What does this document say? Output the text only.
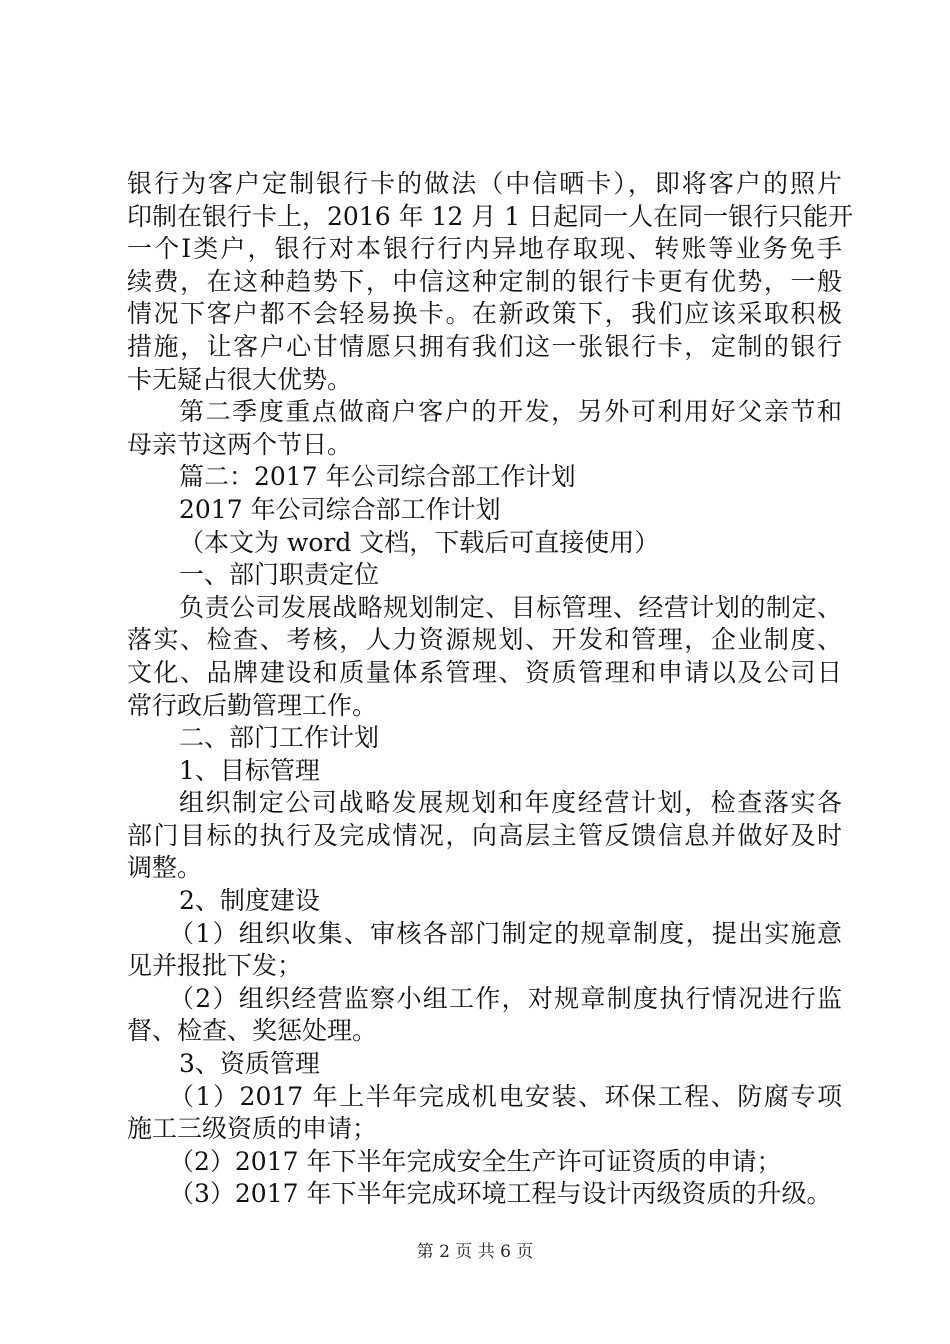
银行为客户定制银行卡的做法（中信晒卡），即将客户的照片
印制在银行卡上，2016 年 12 月 1 日起同一人在同一银行只能开
一个Ⅰ类户，银行对本银行行内异地存取现、转账等业务免手
续费，在这种趋势下，中信这种定制的银行卡更有优势，一般
情况下客户都不会轻易换卡。在新政策下，我们应该采取积极
措施，让客户心甘情愿只拥有我们这一张银行卡，定制的银行
卡无疑占很大优势。
第二季度重点做商户客户的开发，另外可利用好父亲节和
母亲节这两个节日。
篇二：2017 年公司综合部工作计划
2017 年公司综合部工作计划
（本文为 word 文档，下载后可直接使用）
一、部门职责定位
负责公司发展战略规划制定、目标管理、经营计划的制定、
落实、检查、考核，人力资源规划、开发和管理，企业制度、
文化、品牌建设和质量体系管理、资质管理和申请以及公司日
常行政后勤管理工作。
二、部门工作计划
1、目标管理
组织制定公司战略发展规划和年度经营计划，检查落实各
部门目标的执行及完成情况，向高层主管反馈信息并做好及时
调整。
2、制度建设
（1）组织收集、审核各部门制定的规章制度，提出实施意
见并报批下发；
（2）组织经营监察小组工作，对规章制度执行情况进行监
督、检查、奖惩处理。
3、资质管理
（1）2017 年上半年完成机电安装、环保工程、防腐专项
施工三级资质的申请；
（2）2017 年下半年完成安全生产许可证资质的申请；
（3）2017 年下半年完成环境工程与设计丙级资质的升级。
第 2 页 共 6 页
